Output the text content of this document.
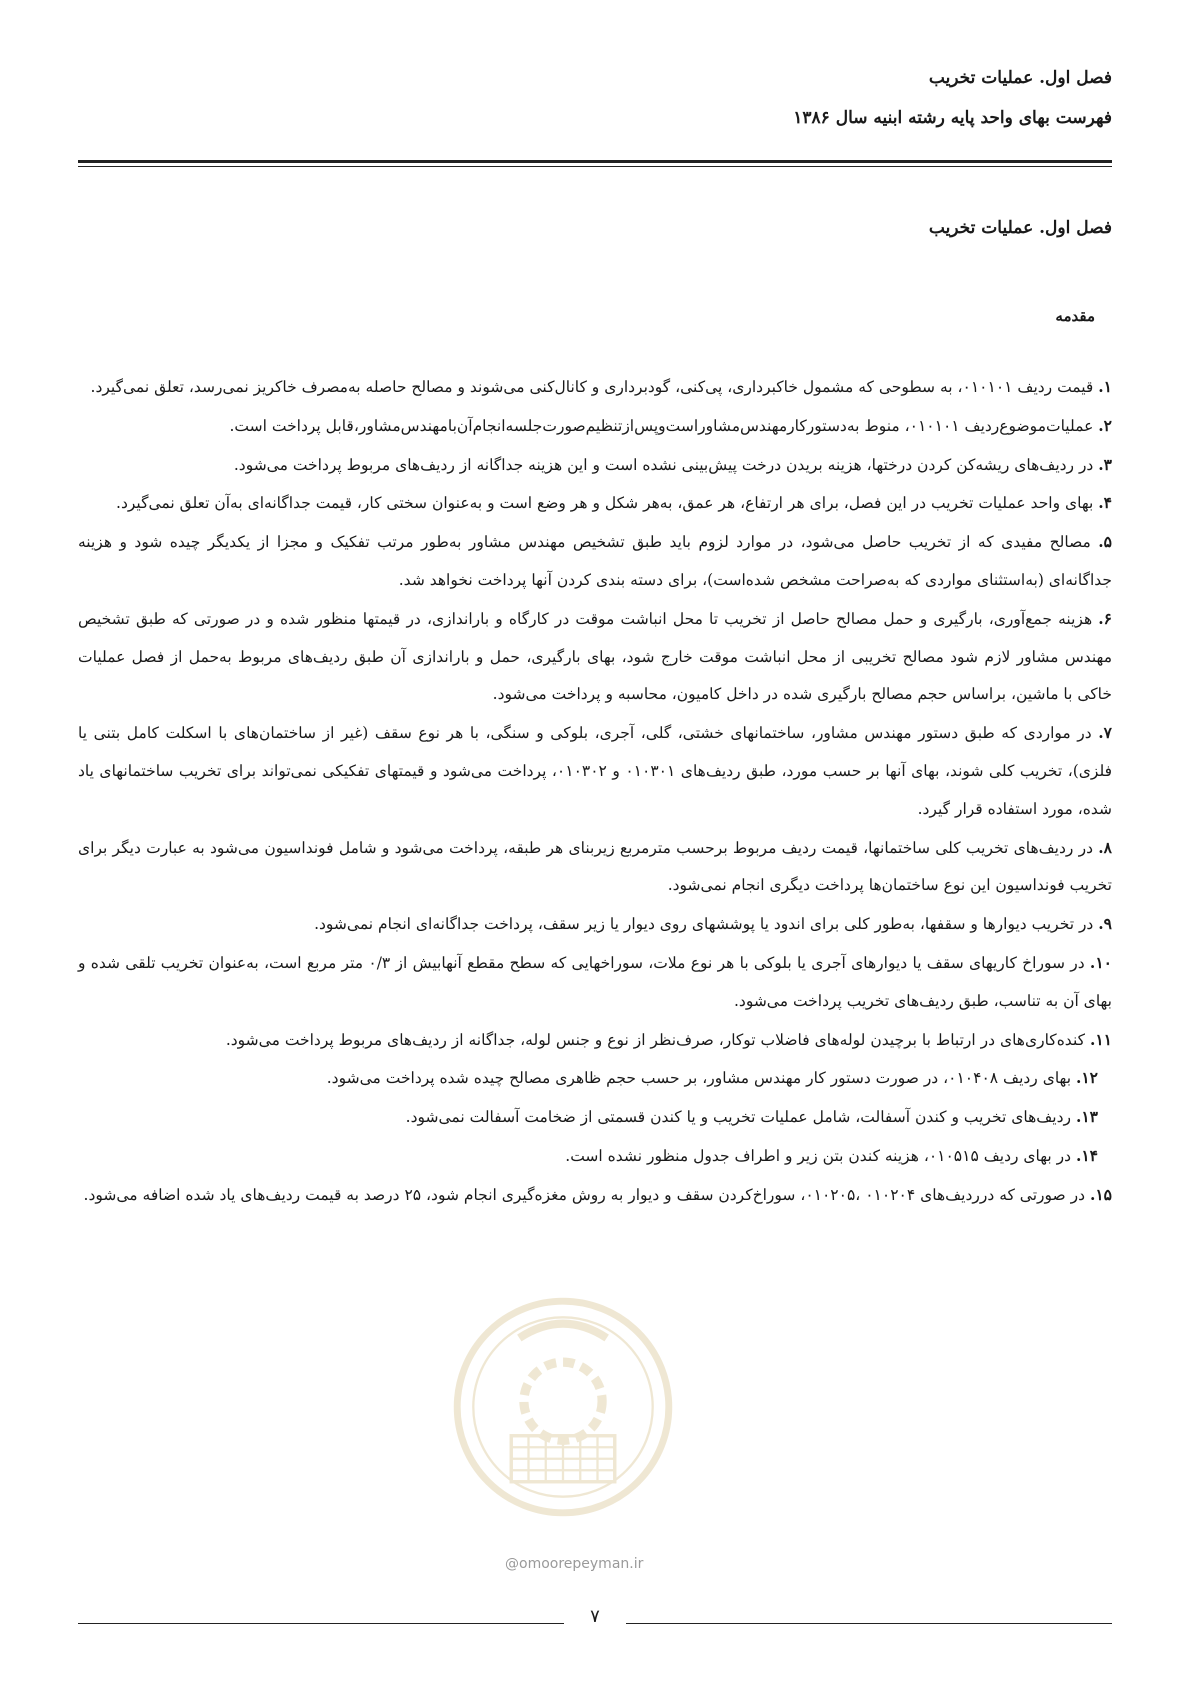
فصل اول. عملیات تخریب
فهرست بهای واحد پایه رشته ابنیه سال ۱۳۸۶
فصل اول. عملیات تخریب
مقدمه

۱. قیمت ردیف ۰۱۰۱۰۱، به سطوحی که مشمول خاکبرداری، پی‌کنی، گودبرداری و کانال‌کنی می‌شوند و مصالح حاصله به‌مصرف خاکریز نمی‌رسد، تعلق نمی‌گیرد.

۲. عملیات‌موضوع‌ردیف ۰۱۰۱۰۱، منوط به‌دستورکارمهندس‌مشاوراست‌وپس‌ازتنظیم‌صورت‌جلسه‌انجام‌آن‌بامهندس‌مشاور،قابل پرداخت است.

۳. در ردیف‌های ریشه‌کن کردن درختها، هزینه بریدن درخت پیش‌بینی نشده است و این هزینه جداگانه از ردیف‌های مربوط پرداخت می‌شود.

۴. بهای واحد عملیات تخریب در این فصل، برای هر ارتفاع، هر عمق، به‌هر شکل و هر وضع است و به‌عنوان سختی کار، قیمت جداگانه‌ای به‌آن تعلق نمی‌گیرد.

۵. مصالح مفیدی که از تخریب حاصل می‌شود، در موارد لزوم باید طبق تشخیص مهندس مشاور به‌طور مرتب تفکیک و مجزا از یکدیگر چیده شود و هزینه جداگانه‌ای (به‌استثنای مواردی که به‌صراحت مشخص شده‌است)، برای دسته بندی کردن آنها پرداخت نخواهد شد.

۶. هزینه جمع‌آوری، بارگیری و حمل مصالح حاصل از تخریب تا محل انباشت موقت در کارگاه و باراندازی، در قیمتها منظور شده و در صورتی که طبق تشخیص مهندس مشاور لازم شود مصالح تخریبی از محل انباشت موقت خارج شود، بهای بارگیری، حمل و باراندازی آن طبق ردیف‌های مربوط به‌حمل از فصل عملیات خاکی با ماشین، براساس حجم مصالح بارگیری شده در داخل کامیون، محاسبه و پرداخت می‌شود.

۷. در مواردی که طبق دستور مهندس مشاور، ساختمانهای خشتی، گلی، آجری، بلوکی و سنگی، با هر نوع سقف (غیر از ساختمان‌های با اسکلت کامل بتنی یا فلزی)، تخریب کلی شوند، بهای آنها بر حسب مورد، طبق ردیف‌های ۰۱۰۳۰۱ و ۰۱۰۳۰۲، پرداخت می‌شود و قیمتهای تفکیکی نمی‌تواند برای تخریب ساختمانهای یاد شده، مورد استفاده قرار گیرد.

۸. در ردیف‌های تخریب کلی ساختمانها، قیمت ردیف مربوط برحسب مترمربع زیربنای هر طبقه، پرداخت می‌شود و شامل فونداسیون می‌شود به عبارت دیگر برای تخریب فونداسیون این نوع ساختمان‌ها پرداخت دیگری انجام نمی‌شود.

۹. در تخریب دیوارها و سقفها، به‌طور کلی برای اندود یا پوششهای روی دیوار یا زیر سقف، پرداخت جداگانه‌ای انجام نمی‌شود.

۱۰. در سوراخ کاریهای سقف یا دیوارهای آجری یا بلوکی با هر نوع ملات، سوراخهایی که سطح مقطع آنهابیش از ۰/۳ متر مربع است، به‌عنوان تخریب تلقی شده و بهای آن به تناسب، طبق ردیف‌های تخریب پرداخت می‌شود.

۱۱. کنده‌کاری‌های در ارتباط با برچیدن لوله‌های فاضلاب توکار، صرف‌نظر از نوع و جنس لوله، جداگانه از ردیف‌های مربوط پرداخت می‌شود.

۱۲. بهای ردیف ۰۱۰۴۰۸، در صورت دستور کار مهندس مشاور، بر حسب حجم ظاهری مصالح چیده شده پرداخت می‌شود.

۱۳. ردیف‌های تخریب و کندن آسفالت، شامل عملیات تخریب و یا کندن قسمتی از ضخامت آسفالت نمی‌شود.

۱۴. در بهای ردیف ۰۱۰۵۱۵، هزینه کندن بتن زیر و اطراف جدول منظور نشده است.

۱۵. در صورتی که درردیف‌های ۰۱۰۲۰۴ ،۰۱۰۲۰۵، سوراخ‌کردن سقف و دیوار به روش مغزه‌گیری انجام شود، ۲۵ درصد به قیمت ردیف‌های یاد شده اضافه می‌شود.

@omoorepeyman.ir
۷
